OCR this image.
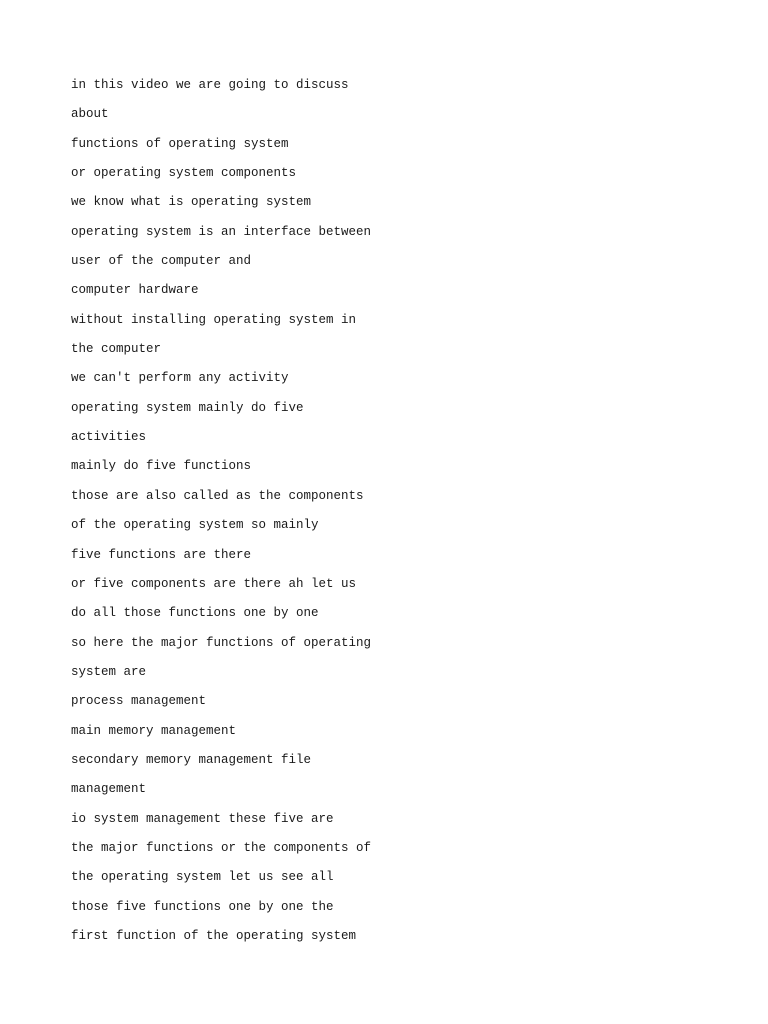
in this video we are going to discuss
about
functions of operating system
or operating system components
we know what is operating system
operating system is an interface between
user of the computer and
computer hardware
without installing operating system in
the computer
we can't perform any activity
operating system mainly do five
activities
mainly do five functions
those are also called as the components
of the operating system so mainly
five functions are there
or five components are there ah let us
do all those functions one by one
so here the major functions of operating
system are
process management
main memory management
secondary memory management file
management
io system management these five are
the major functions or the components of
the operating system let us see all
those five functions one by one the
first function of the operating system
